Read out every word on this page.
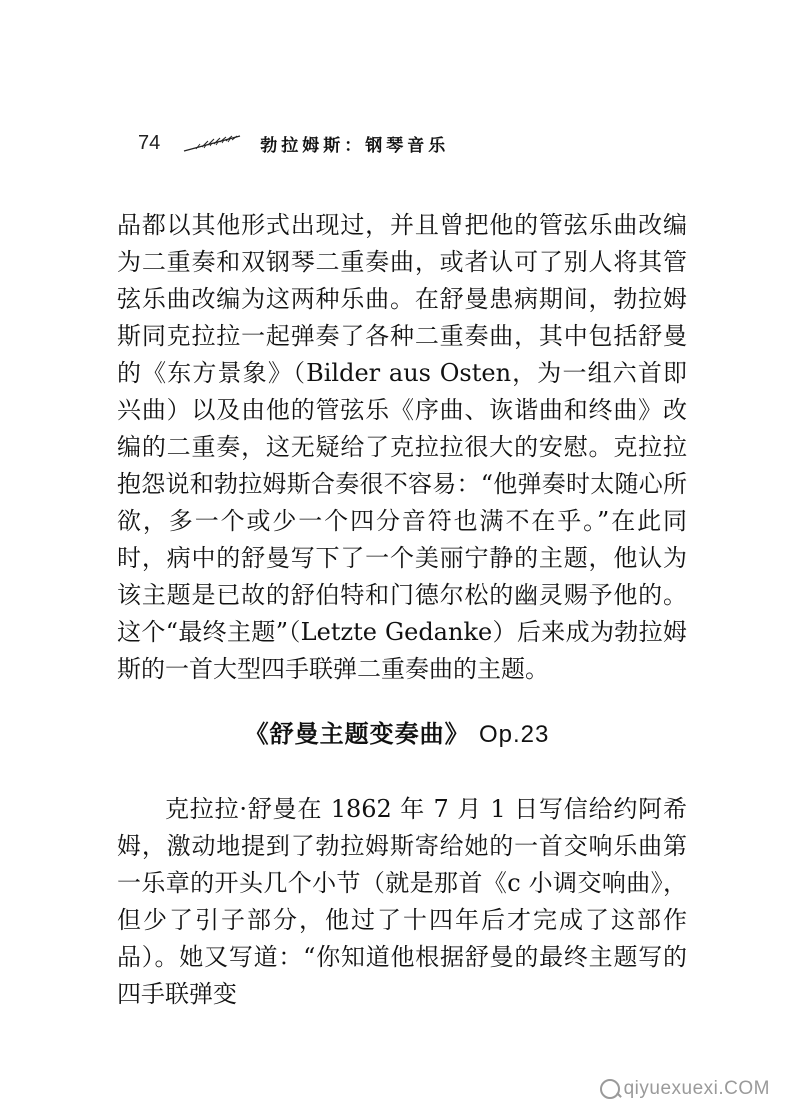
74	勃拉姆斯：钢琴音乐

品都以其他形式出现过，并且曾把他的管弦乐曲改编为二重奏和双钢琴二重奏曲，或者认可了别人将其管弦乐曲改编为这两种乐曲。在舒曼患病期间，勃拉姆斯同克拉拉一起弹奏了各种二重奏曲，其中包括舒曼的《东方景象》（Bilder aus Osten，为一组六首即兴曲）以及由他的管弦乐《序曲、诙谐曲和终曲》改编的二重奏，这无疑给了克拉拉很大的安慰。克拉拉抱怨说和勃拉姆斯合奏很不容易：“他弹奏时太随心所欲，多一个或少一个四分音符也满不在乎。”在此同时，病中的舒曼写下了一个美丽宁静的主题，他认为该主题是已故的舒伯特和门德尔松的幽灵赐予他的。这个“最终主题”（Letzte Gedanke）后来成为勃拉姆斯的一首大型四手联弹二重奏曲的主题。

《舒曼主题变奏曲》 Op.23

克拉拉·舒曼在 1862 年 7 月 1 日写信给约阿希姆，激动地提到了勃拉姆斯寄给她的一首交响乐曲第一乐章的开头几个小节（就是那首《c 小调交响曲》，但少了引子部分，他过了十四年后才完成了这部作品）。她又写道：“你知道他根据舒曼的最终主题写的四手联弹变

qiyuexuexi.COM
